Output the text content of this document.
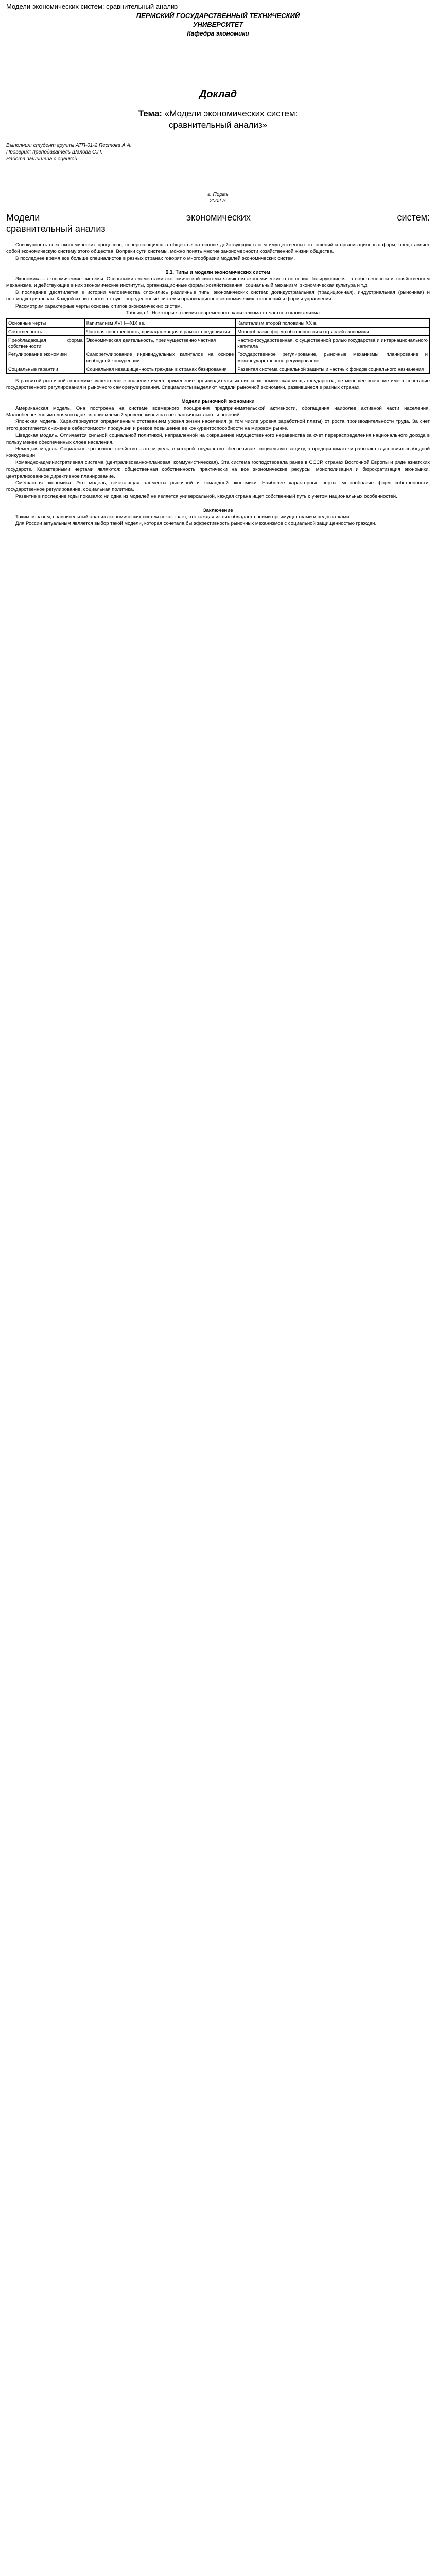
Модели экономических систем: сравнительный анализ
ПЕРМСКИЙ ГОСУДАРСТВЕННЫЙ ТЕХНИЧЕСКИЙ
УНИВЕРСИТЕТ
Кафедра экономики
Доклад
Тема: «Модели экономических систем:
сравнительный анализ»
Выполнил: студент группы АТП-01-2 Пестова А.А.
Проверил: преподаватель Шалова С.П.
Работа защищена с оценкой ____________
г. Пермь
2002 г.
Модели экономических систем:
сравнительный анализ

Совокупность всех экономических процессов, совершающихся в обществе на основе действующих в нем имущественных отношений и организационных форм, представляет собой экономическую систему этого общества. Вопреки сути системы, можно понять многие закономерности хозяйственной жизни общества.

В последнее время все больше специалистов в разных странах говорят о многообразии моделей экономических систем.

2.1. Типы и модели экономических систем

Экономика – экономические системы. Основными элементами экономической системы являются экономические отношения, базирующиеся на собственности и хозяйственном механизме, и действующие в них экономические институты, организационные формы хозяйствования, социальный механизм, экономическая культура и т.д.

В последние десятилетия в истории человечества сложились различные типы экономических систем: доиндустриальная (традиционная), индустриальная (рыночная) и постиндустриальная. Каждой из них соответствуют определенные системы организационно-экономических отношений и формы управления.

Рассмотрим характерные черты основных типов экономических систем.

Таблица 1. Некоторые отличия современного капитализма от частного капитализма

Основные черты	Капитализм XVIII—XIX вв.	Капитализм второй половины XX в.
Собственность	Частная собственность, принадлежащая в рамках предприятия	Многообразие форм собственности и отраслей экономики
Преобладающая форма собственности	Экономическая деятельность, преимущественно частная	Частно-государственная, с существенной ролью государства и интернационального капитала
Регулирование экономики	Саморегулирование индивидуальных капиталов на основе свободной конкуренции	Государственное регулирование, рыночные механизмы, планирование и межгосударственное регулирование
Социальные гарантии	Социальная незащищенность граждан в странах базирования	Развитая система социальной защиты и частных фондов социального назначения

В развитой рыночной экономике существенное значение имеет применение производительных сил и экономическая мощь государства; не меньшее значение имеет сочетание государственного регулирования и рыночного саморегулирования. Специалисты выделяют модели рыночной экономики, развившиеся в разных странах.

Модели рыночной экономики

Американская модель. Она построена на системе всемерного поощрения предпринимательской активности, обогащения наиболее активной части населения. Малообеспеченным слоям создается приемлемый уровень жизни за счет частичных льгот и пособий.

Японская модель. Характеризуется определенным отставанием уровня жизни населения (в том числе уровня заработной платы) от роста производительности труда. За счет этого достигается снижение себестоимости продукции и резкое повышение ее конкурентоспособности на мировом рынке.

Шведская модель. Отличается сильной социальной политикой, направленной на сокращение имущественного неравенства за счет перераспределения национального дохода в пользу менее обеспеченных слоев населения.

Немецкая модель. Социальное рыночное хозяйство – это модель, в которой государство обеспечивает социальную защиту, а предприниматели работают в условиях свободной конкуренции.

Командно-административная система (централизованно-плановая, коммунистическая). Эта система господствовала ранее в СССР, странах Восточной Европы и ряде азиатских государств. Характерными чертами являются: общественная собственность практически на все экономические ресурсы, монополизация и бюрократизация экономики, централизованное директивное планирование.

Смешанная экономика. Это модель, сочетающая элементы рыночной и командной экономики. Наиболее характерные черты: многообразие форм собственности, государственное регулирование, социальная политика.

Развитие в последние годы показало: ни одна из моделей не является универсальной, каждая страна ищет собственный путь с учетом национальных особенностей.

Заключение

Таким образом, сравнительный анализ экономических систем показывает, что каждая из них обладает своими преимуществами и недостатками.

Для России актуальным является выбор такой модели, которая сочетала бы эффективность рыночных механизмов с социальной защищенностью граждан.
